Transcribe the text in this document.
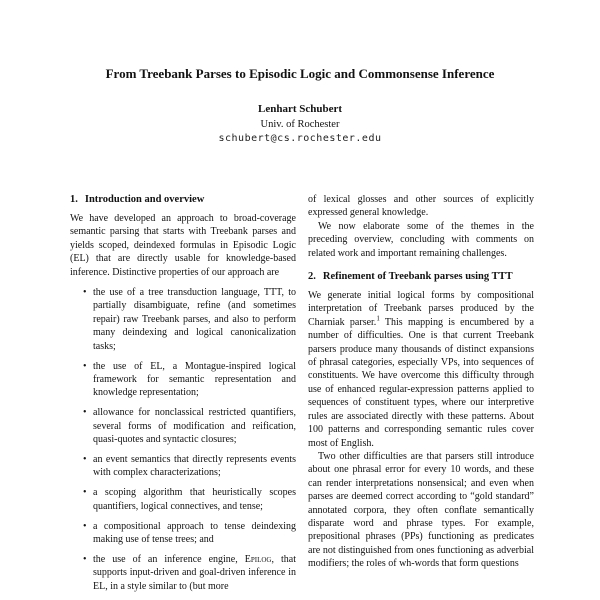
From Treebank Parses to Episodic Logic and Commonsense Inference
Lenhart Schubert
Univ. of Rochester
schubert@cs.rochester.edu
1. Introduction and overview

We have developed an approach to broad-coverage semantic parsing that starts with Treebank parses and yields scoped, deindexed formulas in Episodic Logic (EL) that are directly usable for knowledge-based inference. Distinctive properties of our approach are

• the use of a tree transduction language, TTT, to partially disambiguate, refine (and sometimes repair) raw Treebank parses, and also to perform many deindexing and logical canonicalization tasks;
• the use of EL, a Montague-inspired logical framework for semantic representation and knowledge representation;
• allowance for nonclassical restricted quantifiers, several forms of modification and reification, quasi-quotes and syntactic closures;
• an event semantics that directly represents events with complex characterizations;
• a scoping algorithm that heuristically scopes quantifiers, logical connectives, and tense;
• a compositional approach to tense deindexing making use of tense trees; and
• the use of an inference engine, Epilog, that supports input-driven and goal-driven inference in EL, in a style similar to (but more

of lexical glosses and other sources of explicitly expressed general knowledge.

We now elaborate some of the themes in the preceding overview, concluding with comments on related work and important remaining challenges.

2. Refinement of Treebank parses using TTT

We generate initial logical forms by compositional interpretation of Treebank parses produced by the Charniak parser.$^1$ This mapping is encumbered by a number of difficulties. One is that current Treebank parsers produce many thousands of distinct expansions of phrasal categories, especially VPs, into sequences of constituents. We have overcome this difficulty through use of enhanced regular-expression patterns applied to sequences of constituent types, where our interpretive rules are associated directly with these patterns. About 100 patterns and corresponding semantic rules cover most of English.

Two other difficulties are that parsers still introduce about one phrasal error for every 10 words, and these can render interpretations nonsensical; and even when parses are deemed correct according to “gold standard” annotated corpora, they often conflate semantically disparate word and phrase types. For example, prepositional phrases (PPs) functioning as predicates are not distinguished from ones functioning as adverbial modifiers; the roles of wh-words that form questions
